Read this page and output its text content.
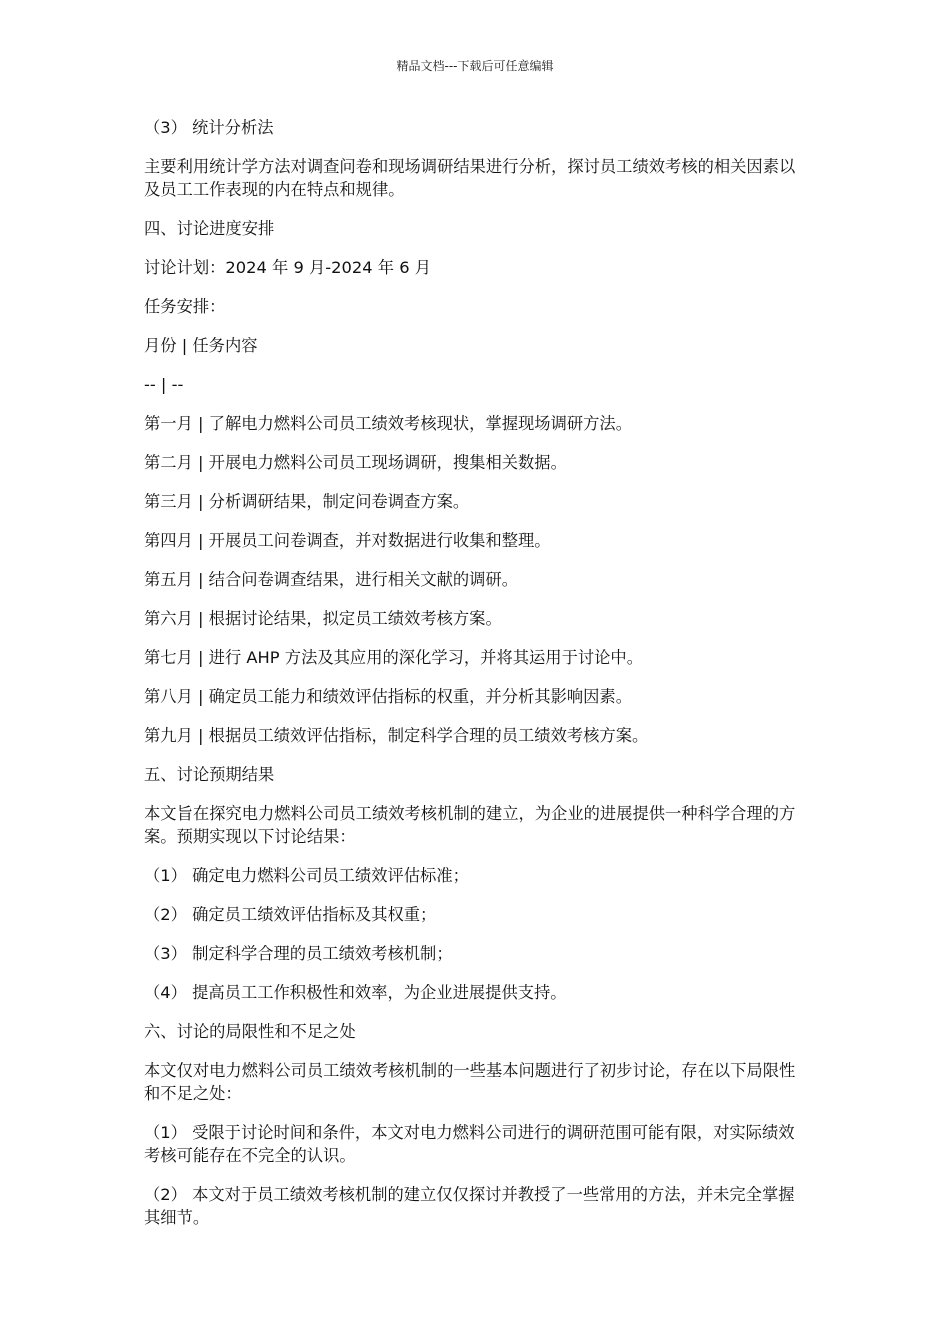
精品文档---下载后可任意编辑

（3） 统计分析法

主要利用统计学方法对调查问卷和现场调研结果进行分析，探讨员工绩效考核的相关因素以及员工工作表现的内在特点和规律。

四、讨论进度安排

讨论计划：2024 年 9 月-2024 年 6 月

任务安排：

月份 | 任务内容

-- | --

第一月 | 了解电力燃料公司员工绩效考核现状，掌握现场调研方法。

第二月 | 开展电力燃料公司员工现场调研，搜集相关数据。

第三月 | 分析调研结果，制定问卷调查方案。

第四月 | 开展员工问卷调查，并对数据进行收集和整理。

第五月 | 结合问卷调查结果，进行相关文献的调研。

第六月 | 根据讨论结果，拟定员工绩效考核方案。

第七月 | 进行 AHP 方法及其应用的深化学习，并将其运用于讨论中。

第八月 | 确定员工能力和绩效评估指标的权重，并分析其影响因素。

第九月 | 根据员工绩效评估指标，制定科学合理的员工绩效考核方案。

五、讨论预期结果

本文旨在探究电力燃料公司员工绩效考核机制的建立，为企业的进展提供一种科学合理的方案。预期实现以下讨论结果：

（1） 确定电力燃料公司员工绩效评估标准；

（2） 确定员工绩效评估指标及其权重；

（3） 制定科学合理的员工绩效考核机制；

（4） 提高员工工作积极性和效率，为企业进展提供支持。

六、讨论的局限性和不足之处

本文仅对电力燃料公司员工绩效考核机制的一些基本问题进行了初步讨论，存在以下局限性和不足之处：

（1） 受限于讨论时间和条件，本文对电力燃料公司进行的调研范围可能有限，对实际绩效考核可能存在不完全的认识。

（2） 本文对于员工绩效考核机制的建立仅仅探讨并教授了一些常用的方法，并未完全掌握其细节。
